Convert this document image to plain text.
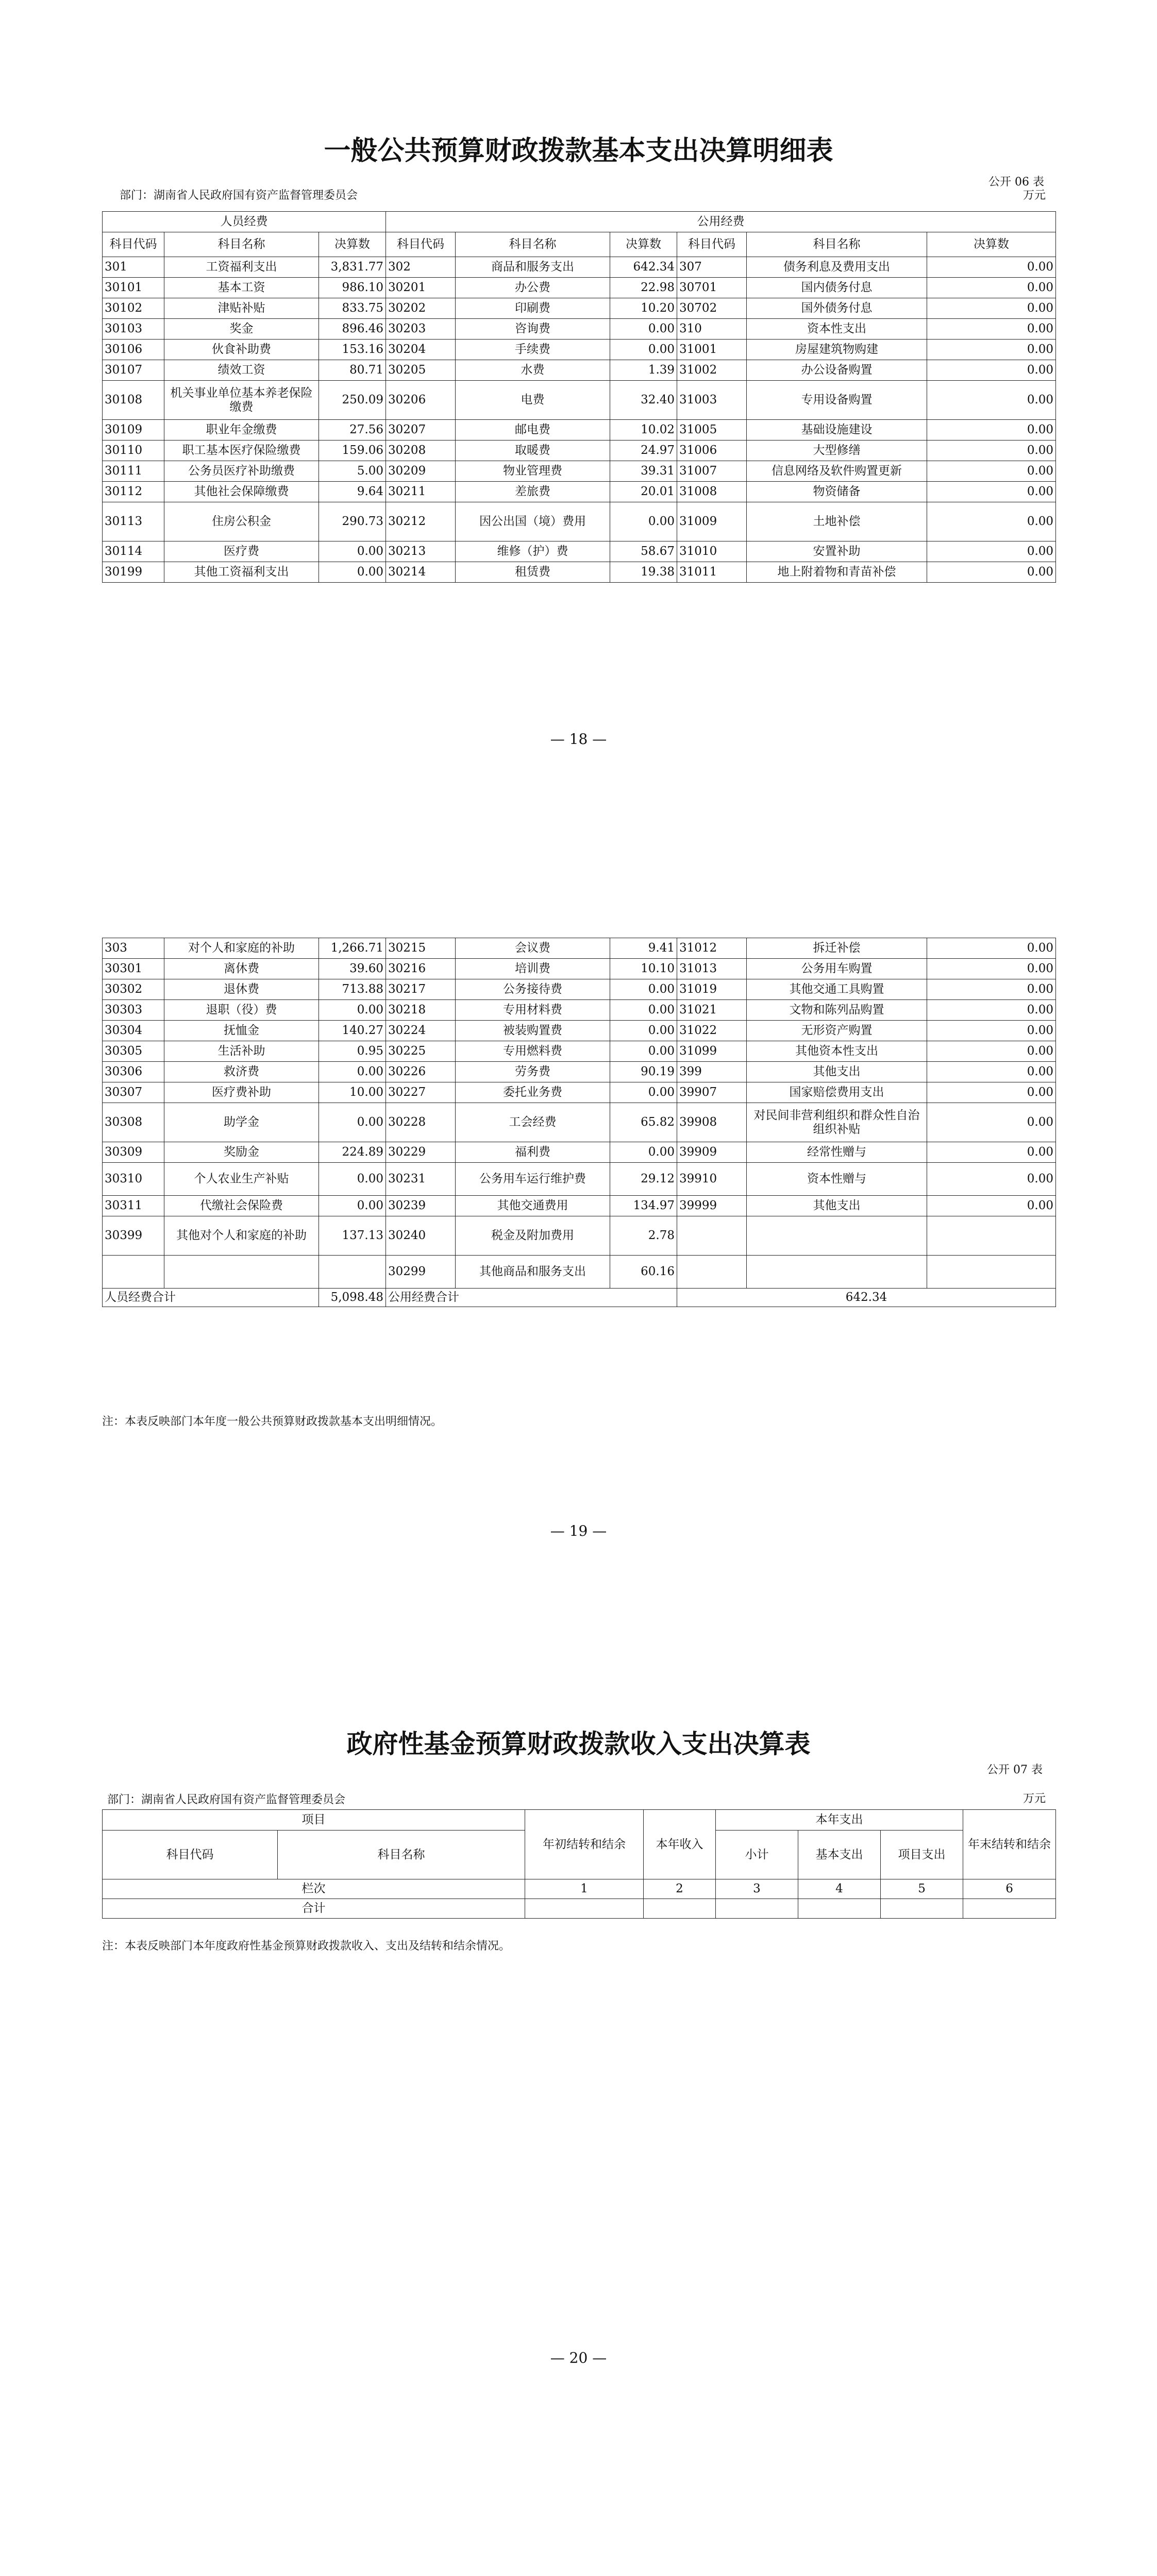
一般公共预算财政拨款基本支出决算明细表
公开 06 表
万元
部门：湖南省人民政府国有资产监督管理委员会
人员经费			公用经费					
科目代码	科目名称	决算数	科目代码	科目名称	决算数	科目代码	科目名称	决算数
301	工资福利支出	3,831.77	302	商品和服务支出	642.34	307	债务利息及费用支出	0.00
30101	基本工资	986.10	30201	办公费	22.98	30701	国内债务付息	0.00
30102	津贴补贴	833.75	30202	印刷费	10.20	30702	国外债务付息	0.00
30103	奖金	896.46	30203	咨询费	0.00	310	资本性支出	0.00
30106	伙食补助费	153.16	30204	手续费	0.00	31001	房屋建筑物购建	0.00
30107	绩效工资	80.71	30205	水费	1.39	31002	办公设备购置	0.00
30108	机关事业单位基本养老保险缴费	250.09	30206	电费	32.40	31003	专用设备购置	0.00
30109	职业年金缴费	27.56	30207	邮电费	10.02	31005	基础设施建设	0.00
30110	职工基本医疗保险缴费	159.06	30208	取暖费	24.97	31006	大型修缮	0.00
30111	公务员医疗补助缴费	5.00	30209	物业管理费	39.31	31007	信息网络及软件购置更新	0.00
30112	其他社会保障缴费	9.64	30211	差旅费	20.01	31008	物资储备	0.00
30113	住房公积金	290.73	30212	因公出国（境）费用	0.00	31009	土地补偿	0.00
30114	医疗费	0.00	30213	维修（护）费	58.67	31010	安置补助	0.00
30199	其他工资福利支出	0.00	30214	租赁费	19.38	31011	地上附着物和青苗补偿	0.00
— 18 —
303	对个人和家庭的补助	1,266.71	30215	会议费	9.41	31012	拆迁补偿	0.00
30301	离休费	39.60	30216	培训费	10.10	31013	公务用车购置	0.00
30302	退休费	713.88	30217	公务接待费	0.00	31019	其他交通工具购置	0.00
30303	退职（役）费	0.00	30218	专用材料费	0.00	31021	文物和陈列品购置	0.00
30304	抚恤金	140.27	30224	被装购置费	0.00	31022	无形资产购置	0.00
30305	生活补助	0.95	30225	专用燃料费	0.00	31099	其他资本性支出	0.00
30306	救济费	0.00	30226	劳务费	90.19	399	其他支出	0.00
30307	医疗费补助	10.00	30227	委托业务费	0.00	39907	国家赔偿费用支出	0.00
30308	助学金	0.00	30228	工会经费	65.82	39908	对民间非营利组织和群众性自治组织补贴	0.00
30309	奖励金	224.89	30229	福利费	0.00	39909	经常性赠与	0.00
30310	个人农业生产补贴	0.00	30231	公务用车运行维护费	29.12	39910	资本性赠与	0.00
30311	代缴社会保险费	0.00	30239	其他交通费用	134.97	39999	其他支出	0.00
30399	其他对个人和家庭的补助	137.13	30240	税金及附加费用	2.78			
			30299	其他商品和服务支出	60.16			
人员经费合计		5,098.48	公用经费合计			642.34		
注：本表反映部门本年度一般公共预算财政拨款基本支出明细情况。
— 19 —
政府性基金预算财政拨款收入支出决算表
公开 07 表
万元
部门：湖南省人民政府国有资产监督管理委员会
项目		年初结转和结余	本年收入	本年支出			年末结转和结余
科目代码	科目名称			小计	基本支出	项目支出	
栏次		1	2	3	4	5	6
合计							
注：本表反映部门本年度政府性基金预算财政拨款收入、支出及结转和结余情况。
— 20 —
